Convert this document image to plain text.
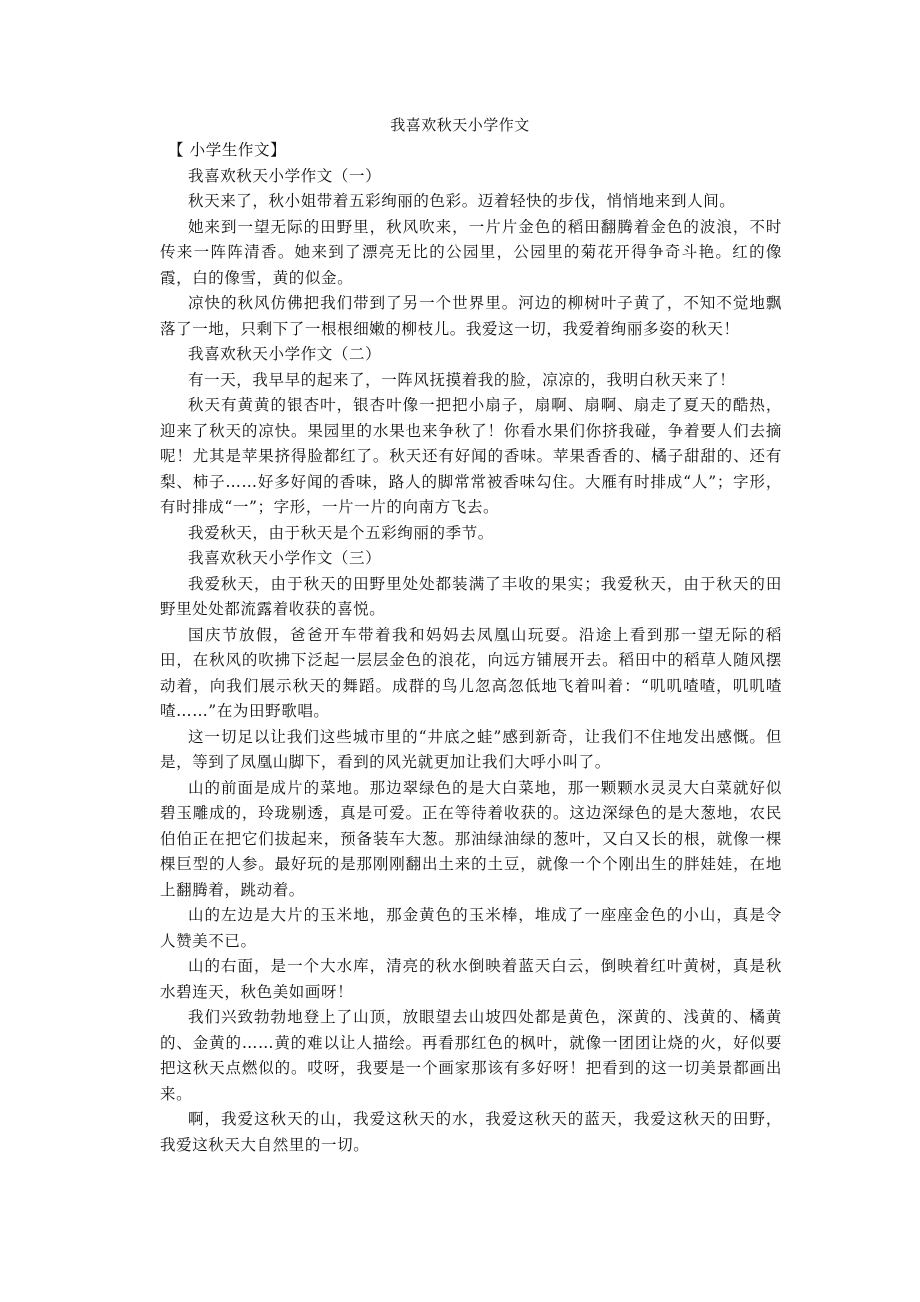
我喜欢秋天小学作文
【 小学生作文】

我喜欢秋天小学作文（一）

秋天来了，秋小姐带着五彩绚丽的色彩。迈着轻快的步伐，悄悄地来到人间。

她来到一望无际的田野里，秋风吹来，一片片金色的稻田翻腾着金色的波浪，不时传来一阵阵清香。她来到了漂亮无比的公园里，公园里的菊花开得争奇斗艳。红的像霞，白的像雪，黄的似金。

凉快的秋风仿佛把我们带到了另一个世界里。河边的柳树叶子黄了，不知不觉地飘落了一地，只剩下了一根根细嫩的柳枝儿。我爱这一切，我爱着绚丽多姿的秋天！

我喜欢秋天小学作文（二）

有一天，我早早的起来了，一阵风抚摸着我的脸，凉凉的，我明白秋天来了！

秋天有黄黄的银杏叶，银杏叶像一把把小扇子，扇啊、扇啊、扇走了夏天的酷热，迎来了秋天的凉快。果园里的水果也来争秋了！你看水果们你挤我碰，争着要人们去摘呢！尤其是苹果挤得脸都红了。秋天还有好闻的香味。苹果香香的、橘子甜甜的、还有梨、柿子……好多好闻的香味，路人的脚常常被香味勾住。大雁有时排成“人”；字形，有时排成“一”；字形，一片一片的向南方飞去。

我爱秋天，由于秋天是个五彩绚丽的季节。

我喜欢秋天小学作文（三）

我爱秋天，由于秋天的田野里处处都装满了丰收的果实；我爱秋天，由于秋天的田野里处处都流露着收获的喜悦。

国庆节放假，爸爸开车带着我和妈妈去凤凰山玩耍。沿途上看到那一望无际的稻田，在秋风的吹拂下泛起一层层金色的浪花，向远方铺展开去。稻田中的稻草人随风摆动着，向我们展示秋天的舞蹈。成群的鸟儿忽高忽低地飞着叫着：“叽叽喳喳，叽叽喳喳……”在为田野歌唱。

这一切足以让我们这些城市里的“井底之蛙”感到新奇，让我们不住地发出感慨。但是，等到了凤凰山脚下，看到的风光就更加让我们大呼小叫了。

山的前面是成片的菜地。那边翠绿色的是大白菜地，那一颗颗水灵灵大白菜就好似碧玉雕成的，玲珑剔透，真是可爱。正在等待着收获的。这边深绿色的是大葱地，农民伯伯正在把它们拔起来，预备装车大葱。那油绿油绿的葱叶，又白又长的根，就像一棵棵巨型的人参。最好玩的是那刚刚翻出土来的土豆，就像一个个刚出生的胖娃娃，在地上翻腾着，跳动着。

山的左边是大片的玉米地，那金黄色的玉米棒，堆成了一座座金色的小山，真是令人赞美不已。

山的右面，是一个大水库，清亮的秋水倒映着蓝天白云，倒映着红叶黄树，真是秋水碧连天，秋色美如画呀！

我们兴致勃勃地登上了山顶，放眼望去山坡四处都是黄色，深黄的、浅黄的、橘黄的、金黄的……黄的难以让人描绘。再看那红色的枫叶，就像一团团让烧的火，好似要把这秋天点燃似的。哎呀，我要是一个画家那该有多好呀！把看到的这一切美景都画出来。

啊，我爱这秋天的山，我爱这秋天的水，我爱这秋天的蓝天，我爱这秋天的田野，我爱这秋天大自然里的一切。
